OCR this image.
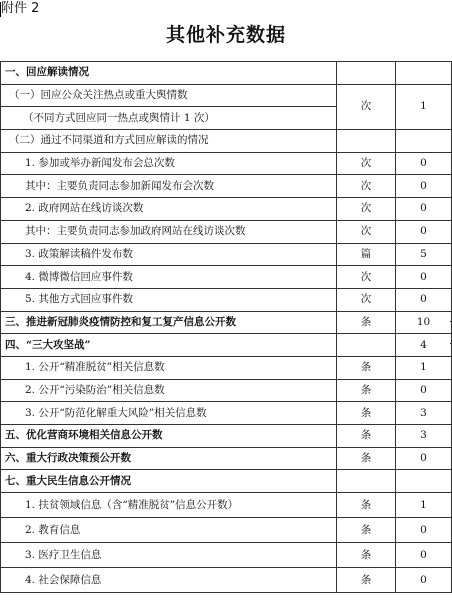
附件 2
其他补充数据
一、回应解读情况		
（一）回应公众关注热点或重大舆情数	次	1
（不同方式回应同一热点或舆情计 1 次）		
（二）通过不同渠道和方式回应解读的情况		
1. 参加或举办新闻发布会总次数	次	0
其中：主要负责同志参加新闻发布会次数	次	0
2. 政府网站在线访谈次数	次	0
其中：主要负责同志参加政府网站在线访谈次数	次	0
3. 政策解读稿件发布数	篇	5
4. 微博微信回应事件数	次	0
5. 其他方式回应事件数	次	0
三、推进新冠肺炎疫情防控和复工复产信息公开数	条	10
四、“三大攻坚战”		4
1. 公开“精准脱贫”相关信息数	条	1
2. 公开“污染防治”相关信息数	条	0
3. 公开“防范化解重大风险”相关信息数	条	3
五、优化营商环境相关信息公开数	条	3
六、重大行政决策预公开数	条	0
七、重大民生信息公开情况		
1. 扶贫领域信息（含“精准脱贫”信息公开数）	条	1
2. 教育信息	条	0
3. 医疗卫生信息	条	0
4. 社会保障信息	条	0
